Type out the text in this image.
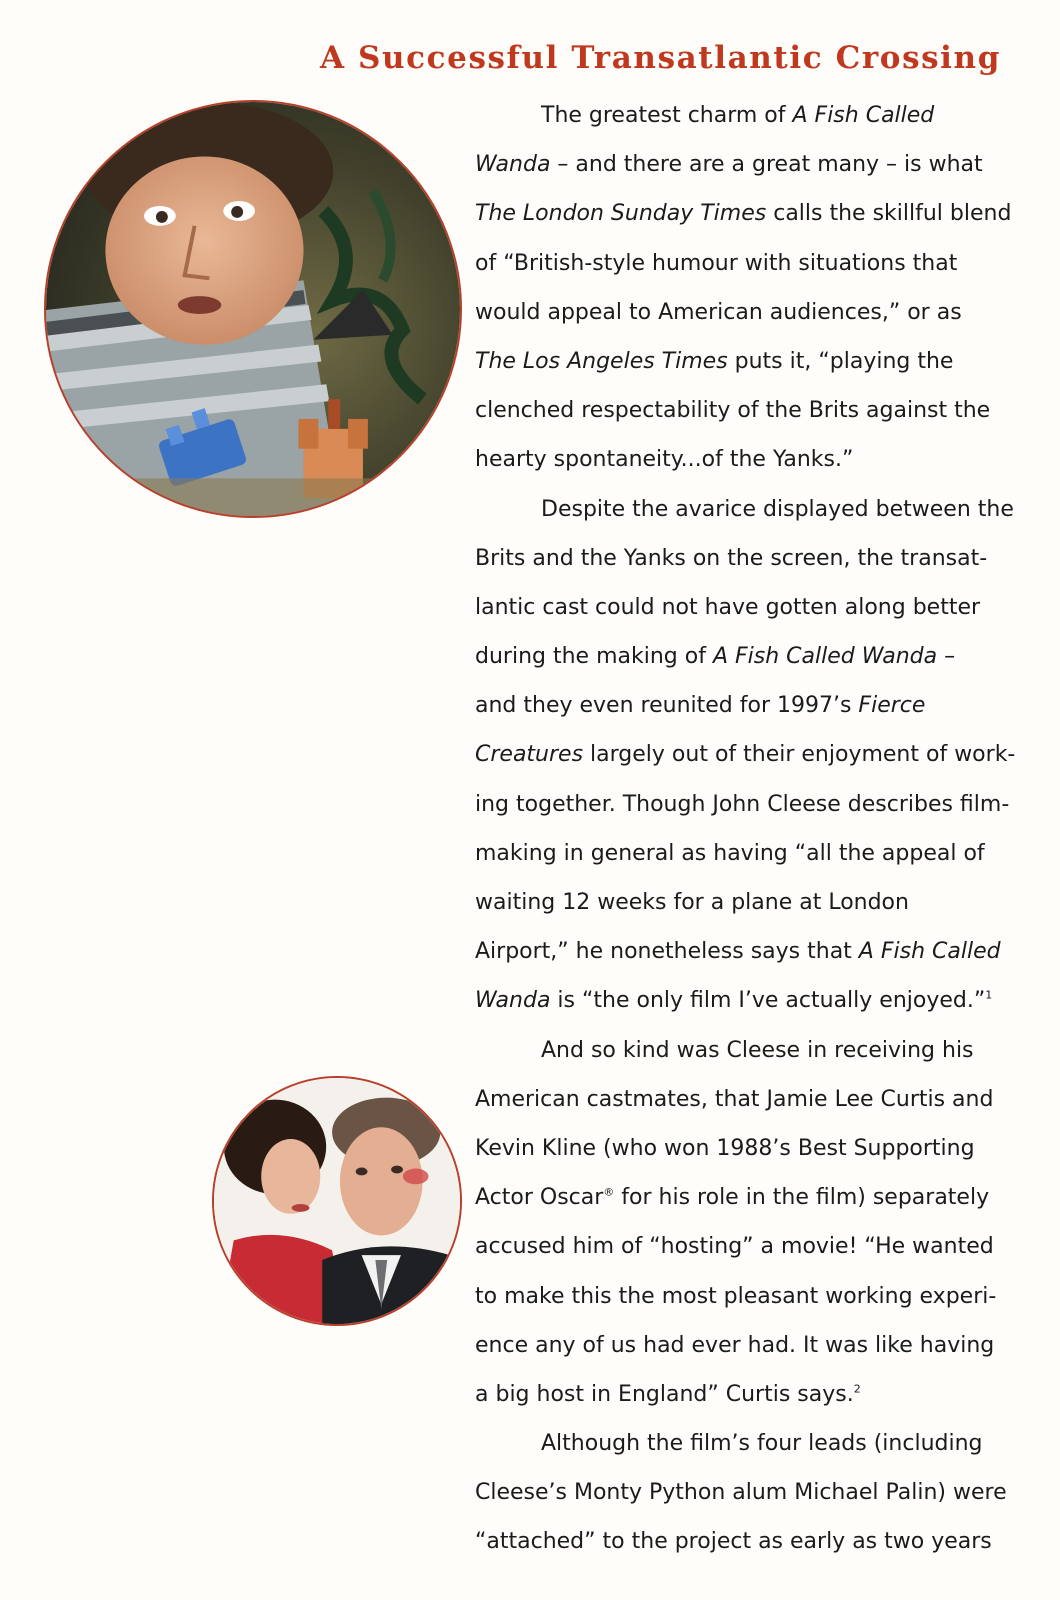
A Successful Transatlantic Crossing

The greatest charm of A Fish Called
Wanda – and there are a great many – is what
The London Sunday Times calls the skillful blend
of “British-style humour with situations that
would appeal to American audiences,” or as
The Los Angeles Times puts it, “playing the
clenched respectability of the Brits against the
hearty spontaneity...of the Yanks.”

Despite the avarice displayed between the
Brits and the Yanks on the screen, the transat-
lantic cast could not have gotten along better
during the making of A Fish Called Wanda –
and they even reunited for 1997’s Fierce
Creatures largely out of their enjoyment of work-
ing together. Though John Cleese describes film-
making in general as having “all the appeal of
waiting 12 weeks for a plane at London
Airport,” he nonetheless says that A Fish Called
Wanda is “the only film I’ve actually enjoyed.”$^1$

And so kind was Cleese in receiving his
American castmates, that Jamie Lee Curtis and
Kevin Kline (who won 1988’s Best Supporting
Actor Oscar® for his role in the film) separately
accused him of “hosting” a movie! “He wanted
to make this the most pleasant working experi-
ence any of us had ever had. It was like having
a big host in England” Curtis says.$^2$

Although the film’s four leads (including
Cleese’s Monty Python alum Michael Palin) were
“attached” to the project as early as two years
